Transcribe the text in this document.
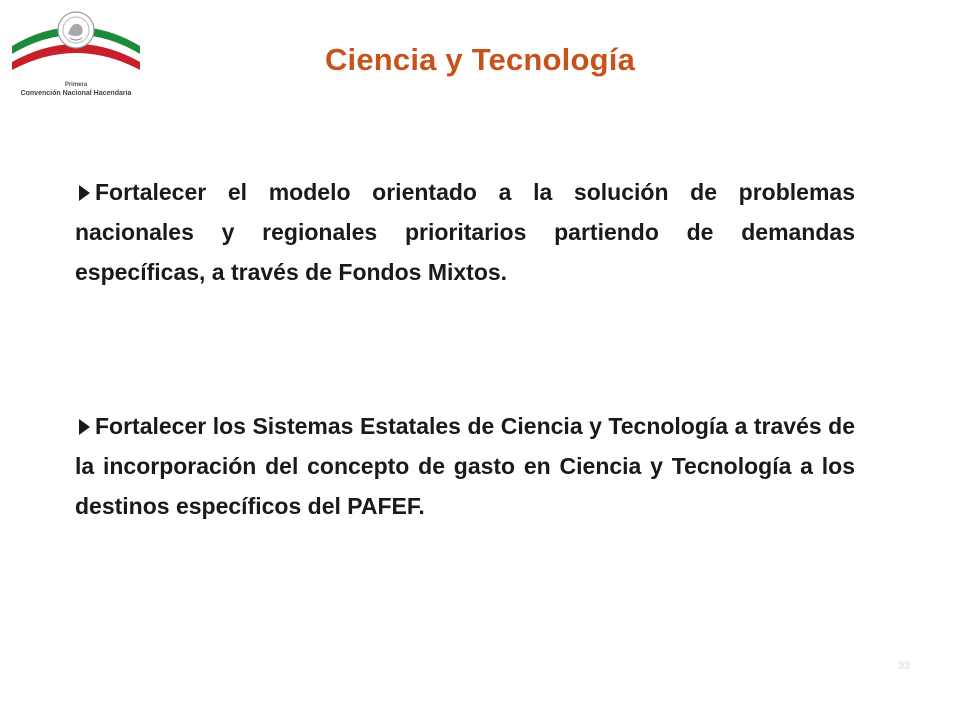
Primera
Convención Nacional Hacendaria
Ciencia y Tecnología
Fortalecer el modelo orientado a la solución de problemas nacionales y regionales prioritarios partiendo de demandas específicas, a través de Fondos Mixtos.
Fortalecer los Sistemas Estatales de Ciencia y Tecnología a través de la incorporación del concepto de gasto en Ciencia y Tecnología a los destinos específicos del PAFEF.
33
